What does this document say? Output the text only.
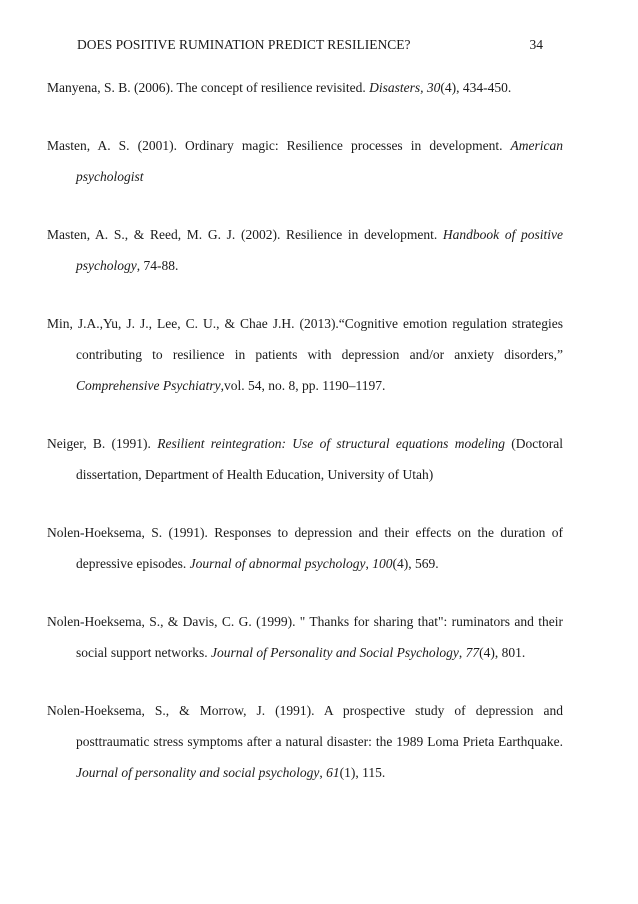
DOES POSITIVE RUMINATION PREDICT RESILIENCE?	34

Manyena, S. B. (2006). The concept of resilience revisited. Disasters, 30(4), 434-450.

Masten, A. S. (2001). Ordinary magic: Resilience processes in development. American psychologist

Masten, A. S., & Reed, M. G. J. (2002). Resilience in development. Handbook of positive psychology, 74-88.

Min, J.A.,Yu, J. J., Lee, C. U., & Chae J.H. (2013).“Cognitive emotion regulation strategies contributing to resilience in patients with depression and/or anxiety disorders,” Comprehensive Psychiatry,vol. 54, no. 8, pp. 1190–1197.

Neiger, B. (1991). Resilient reintegration: Use of structural equations modeling (Doctoral dissertation, Department of Health Education, University of Utah)

Nolen-Hoeksema, S. (1991). Responses to depression and their effects on the duration of depressive episodes. Journal of abnormal psychology, 100(4), 569.

Nolen-Hoeksema, S., & Davis, C. G. (1999). " Thanks for sharing that": ruminators and their social support networks. Journal of Personality and Social Psychology, 77(4), 801.

Nolen-Hoeksema, S., & Morrow, J. (1991). A prospective study of depression and posttraumatic stress symptoms after a natural disaster: the 1989 Loma Prieta Earthquake. Journal of personality and social psychology, 61(1), 115.
